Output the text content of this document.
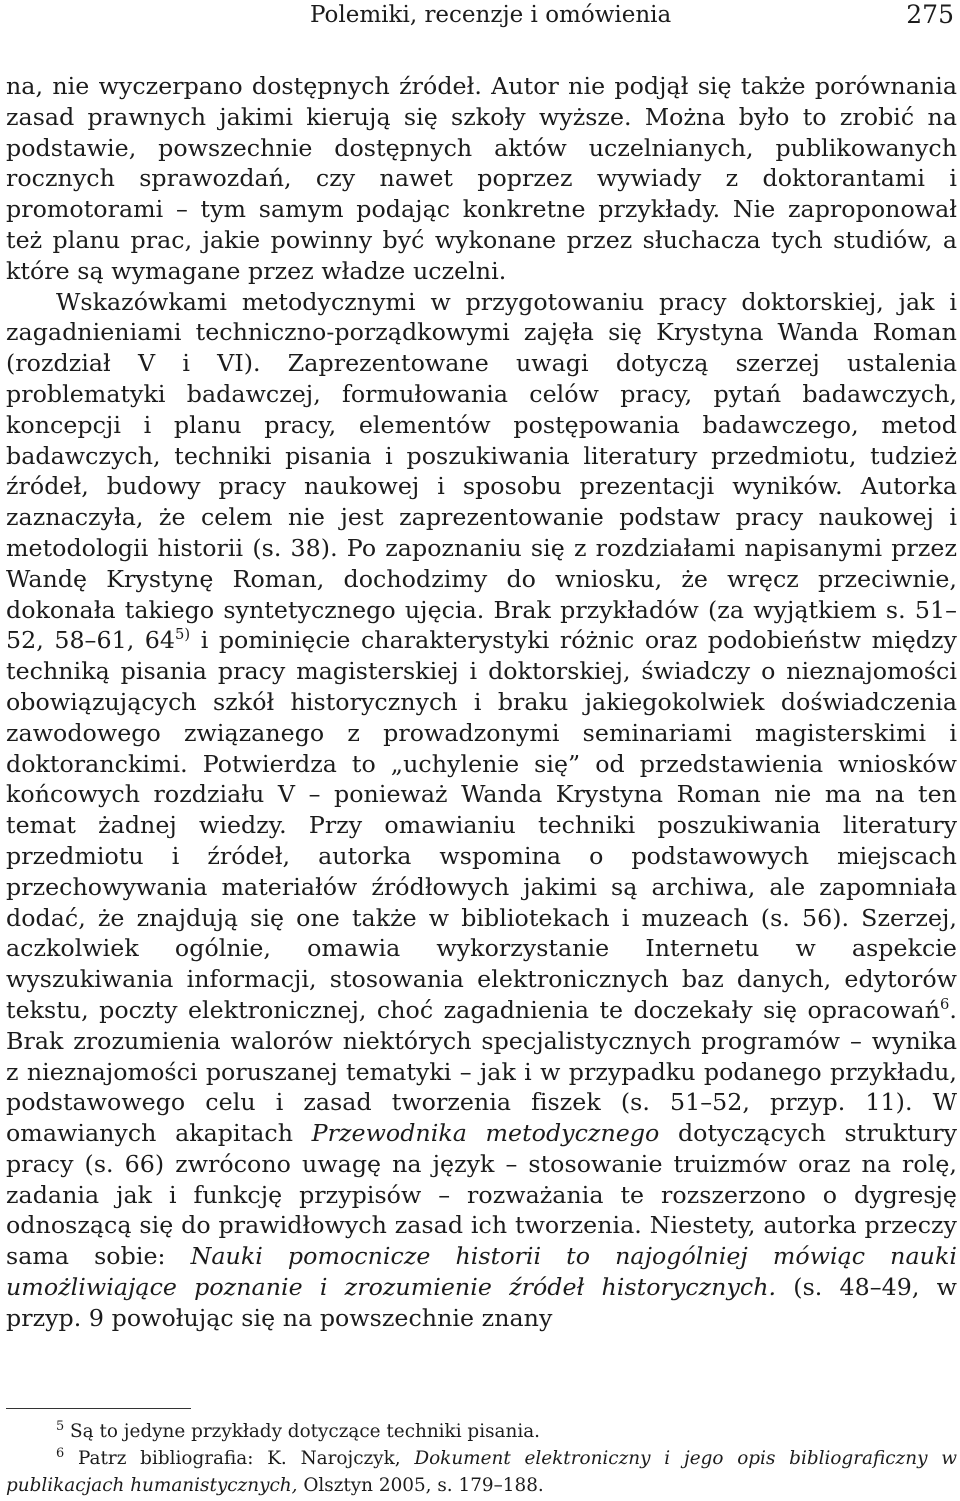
Polemiki, recenzje i omówienia	275

na, nie wyczerpano dostępnych źródeł. Autor nie podjął się także porównania zasad prawnych jakimi kierują się szkoły wyższe. Można było to zrobić na podstawie, powszechnie dostępnych aktów uczelnianych, publikowanych rocznych sprawozdań, czy nawet poprzez wywiady z doktorantami i promotorami – tym samym podając konkretne przykłady. Nie zaproponował też planu prac, jakie powinny być wykonane przez słuchacza tych studiów, a które są wymagane przez władze uczelni.

Wskazówkami metodycznymi w przygotowaniu pracy doktorskiej, jak i zagadnieniami techniczno-porządkowymi zajęła się Krystyna Wanda Roman (rozdział V i VI). Zaprezentowane uwagi dotyczą szerzej ustalenia problematyki badawczej, formułowania celów pracy, pytań badawczych, koncepcji i planu pracy, elementów postępowania badawczego, metod badawczych, techniki pisania i poszukiwania literatury przedmiotu, tudzież źródeł, budowy pracy naukowej i sposobu prezentacji wyników. Autorka zaznaczyła, że celem nie jest zaprezentowanie podstaw pracy naukowej i metodologii historii (s. 38). Po zapoznaniu się z rozdziałami napisanymi przez Wandę Krystynę Roman, dochodzimy do wniosku, że wręcz przeciwnie, dokonała takiego syntetycznego ujęcia. Brak przykładów (za wyjątkiem s. 51–52, 58–61, 64$^{5)}$ i pominięcie charakterystyki różnic oraz podobieństw między techniką pisania pracy magisterskiej i doktorskiej, świadczy o nieznajomości obowiązujących szkół historycznych i braku jakiegokolwiek doświadczenia zawodowego związanego z prowadzonymi seminariami magisterskimi i doktoranckimi. Potwierdza to „uchylenie się” od przedstawienia wniosków końcowych rozdziału V – ponieważ Wanda Krystyna Roman nie ma na ten temat żadnej wiedzy. Przy omawianiu techniki poszukiwania literatury przedmiotu i źródeł, autorka wspomina o podstawowych miejscach przechowywania materiałów źródłowych jakimi są archiwa, ale zapomniała dodać, że znajdują się one także w bibliotekach i muzeach (s. 56). Szerzej, aczkolwiek ogólnie, omawia wykorzystanie Internetu w aspekcie wyszukiwania informacji, stosowania elektronicznych baz danych, edytorów tekstu, poczty elektronicznej, choć zagadnienia te doczekały się opracowań$^6$. Brak zrozumienia walorów niektórych specjalistycznych programów – wynika z nieznajomości poruszanej tematyki – jak i w przypadku podanego przykładu, podstawowego celu i zasad tworzenia fiszek (s. 51–52, przyp. 11). W omawianych akapitach Przewodnika metodycznego dotyczących struktury pracy (s. 66) zwrócono uwagę na język – stosowanie truizmów oraz na rolę, zadania jak i funkcję przypisów – rozważania te rozszerzono o dygresję odnoszącą się do prawidłowych zasad ich tworzenia. Niestety, autorka przeczy sama sobie: Nauki pomocnicze historii to najogólniej mówiąc nauki umożliwiające poznanie i zrozumienie źródeł historycznych. (s. 48–49, w przyp. 9 powołując się na powszechnie znany

$^5$ Są to jedyne przykłady dotyczące techniki pisania.

$^6$ Patrz bibliografia: K. Narojczyk, Dokument elektroniczny i jego opis bibliograficzny w publikacjach humanistycznych, Olsztyn 2005, s. 179–188.
